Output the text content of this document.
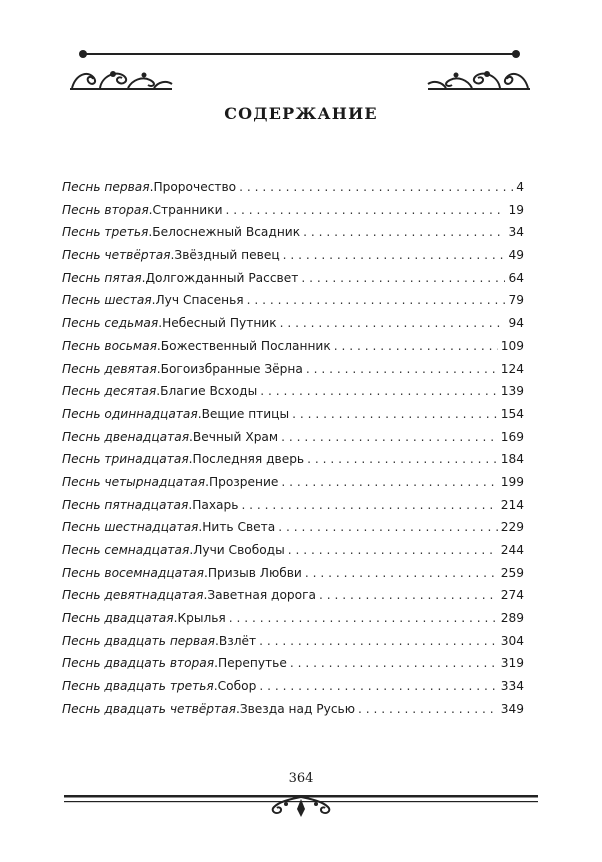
СОДЕРЖАНИЕ
Песнь первая . Пророчество . . .	4
Песнь вторая . Странники . . .	19
Песнь третья . Белоснежный Всадник . . .	34
Песнь четвёртая . Звёздный певец . . .	49
Песнь пятая . Долгожданный Рассвет . . .	64
Песнь шестая . Луч Спасенья . . .	79
Песнь седьмая . Небесный Путник . . .	94
Песнь восьмая . Божественный Посланник . . .	109
Песнь девятая . Богоизбранные Зёрна . . .	124
Песнь десятая . Благие Всходы . . .	139
Песнь одиннадцатая . Вещие птицы . . .	154
Песнь двенадцатая . Вечный Храм . . .	169
Песнь тринадцатая . Последняя дверь . . .	184
Песнь четырнадцатая . Прозрение . . .	199
Песнь пятнадцатая . Пахарь . . .	214
Песнь шестнадцатая . Нить Света . . .	229
Песнь семнадцатая . Лучи Свободы . . .	244
Песнь восемнадцатая . Призыв Любви . . .	259
Песнь девятнадцатая . Заветная дорога . . .	274
Песнь двадцатая . Крылья . . .	289
Песнь двадцать первая . Взлёт . . .	304
Песнь двадцать вторая . Перепутье . . .	319
Песнь двадцать третья . Собор . . .	334
Песнь двадцать четвёртая . Звезда над Русью . . .	349
364
